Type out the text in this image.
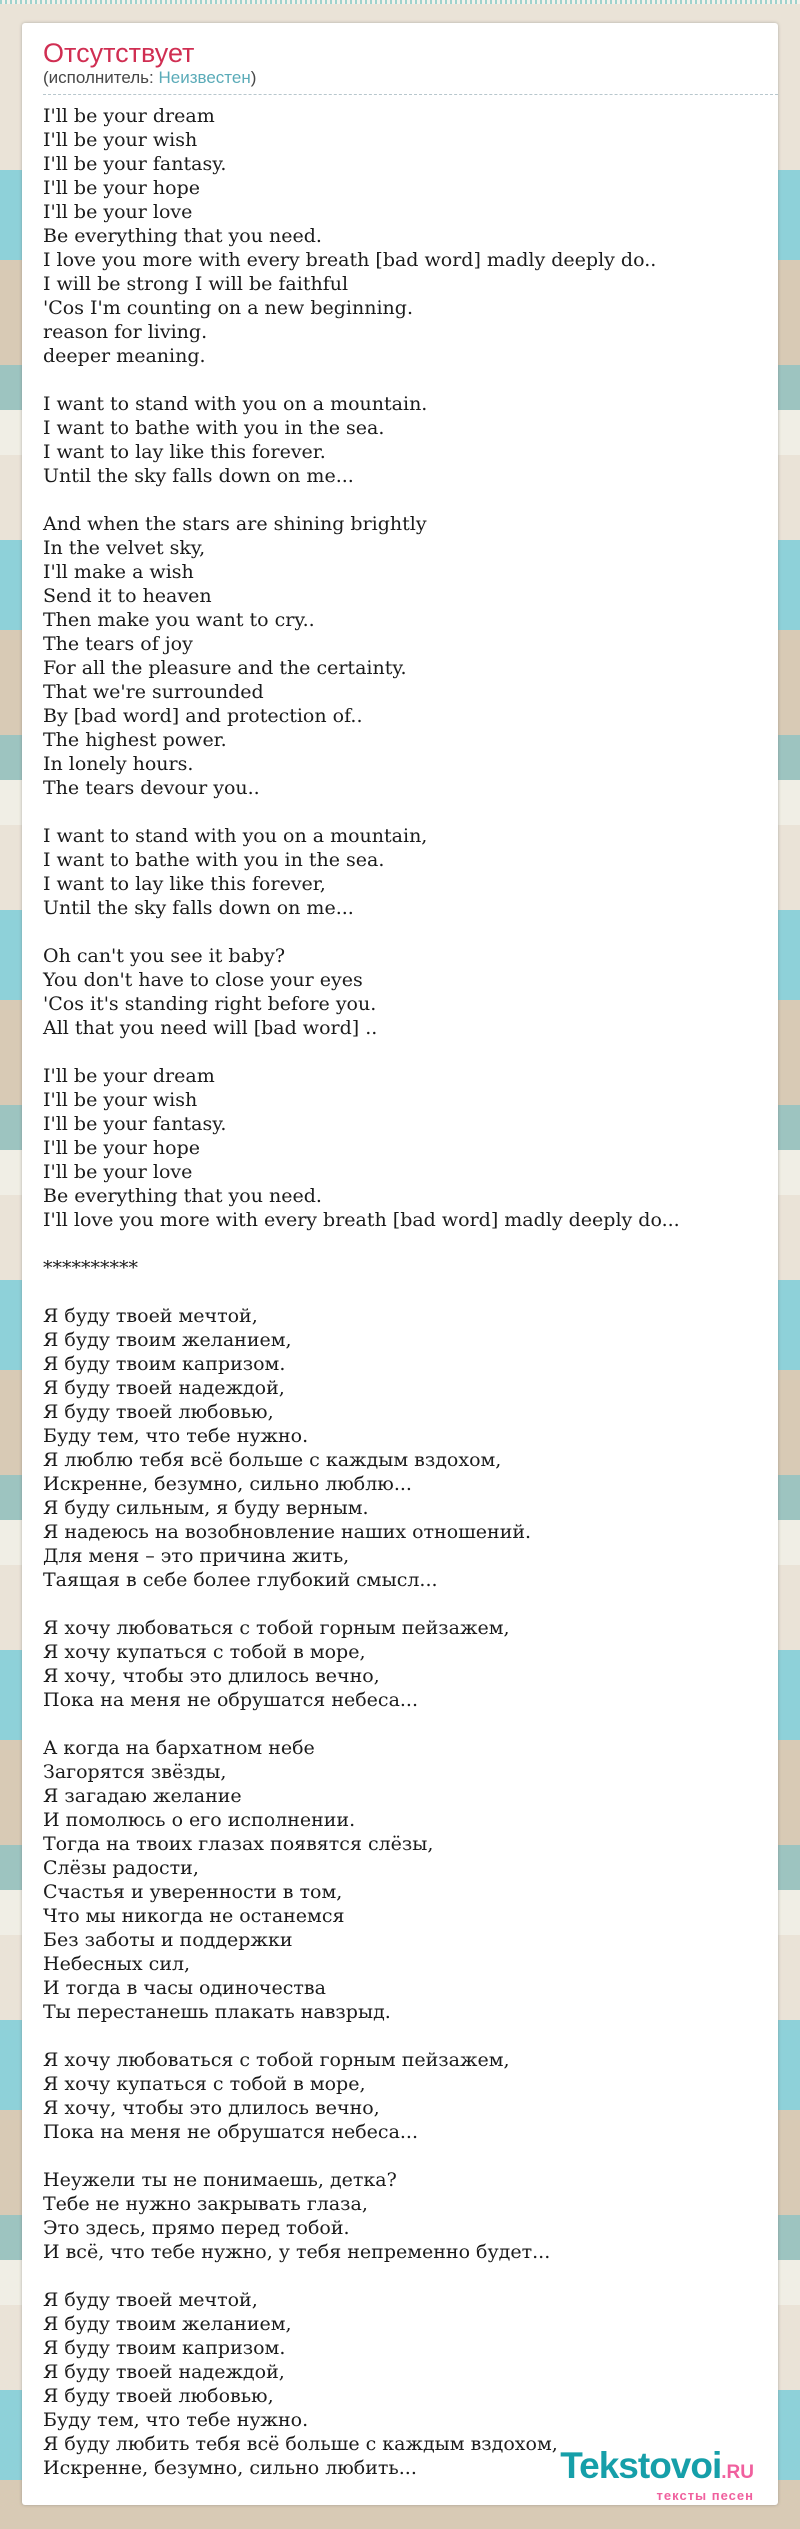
Отсутствует
(исполнитель: Неизвестен)
I'll be your dream
I'll be your wish
I'll be your fantasy.
I'll be your hope
I'll be your love
Be everything that you need.
I love you more with every breath [bad word] madly deeply do..
I will be strong I will be faithful
'Cos I'm counting on a new beginning.
reason for living.
deeper meaning.

I want to stand with you on a mountain.
I want to bathe with you in the sea.
I want to lay like this forever.
Until the sky falls down on me...

And when the stars are shining brightly
In the velvet sky,
I'll make a wish
Send it to heaven
Then make you want to cry..
The tears of joy
For all the pleasure and the certainty.
That we're surrounded
By [bad word] and protection of..
The highest power.
In lonely hours.
The tears devour you..

I want to stand with you on a mountain,
I want to bathe with you in the sea.
I want to lay like this forever,
Until the sky falls down on me...

Oh can't you see it baby?
You don't have to close your eyes
'Cos it's standing right before you.
All that you need will [bad word] ..

I'll be your dream
I'll be your wish
I'll be your fantasy.
I'll be your hope
I'll be your love
Be everything that you need.
I'll love you more with every breath [bad word] madly deeply do...

**********

Я буду твоей мечтой,
Я буду твоим желанием,
Я буду твоим капризом.
Я буду твоей надеждой,
Я буду твоей любовью,
Буду тем, что тебе нужно.
Я люблю тебя всё больше с каждым вздохом,
Искренне, безумно, сильно люблю...
Я буду сильным, я буду верным.
Я надеюсь на возобновление наших отношений.
Для меня – это причина жить,
Таящая в себе более глубокий смысл...

Я хочу любоваться с тобой горным пейзажем,
Я хочу купаться с тобой в море,
Я хочу, чтобы это длилось вечно,
Пока на меня не обрушатся небеса...

А когда на бархатном небе
Загорятся звёзды,
Я загадаю желание
И помолюсь о его исполнении.
Тогда на твоих глазах появятся слёзы,
Слёзы радости,
Счастья и уверенности в том,
Что мы никогда не останемся
Без заботы и поддержки
Небесных сил,
И тогда в часы одиночества
Ты перестанешь плакать навзрыд.

Я хочу любоваться с тобой горным пейзажем,
Я хочу купаться с тобой в море,
Я хочу, чтобы это длилось вечно,
Пока на меня не обрушатся небеса...

Неужели ты не понимаешь, детка?
Тебе не нужно закрывать глаза,
Это здесь, прямо перед тобой.
И всё, что тебе нужно, у тебя непременно будет...

Я буду твоей мечтой,
Я буду твоим желанием,
Я буду твоим капризом.
Я буду твоей надеждой,
Я буду твоей любовью,
Буду тем, что тебе нужно.
Я буду любить тебя всё больше с каждым вздохом,
Искренне, безумно, сильно любить...	Tekstovoi.RU
тексты песен
